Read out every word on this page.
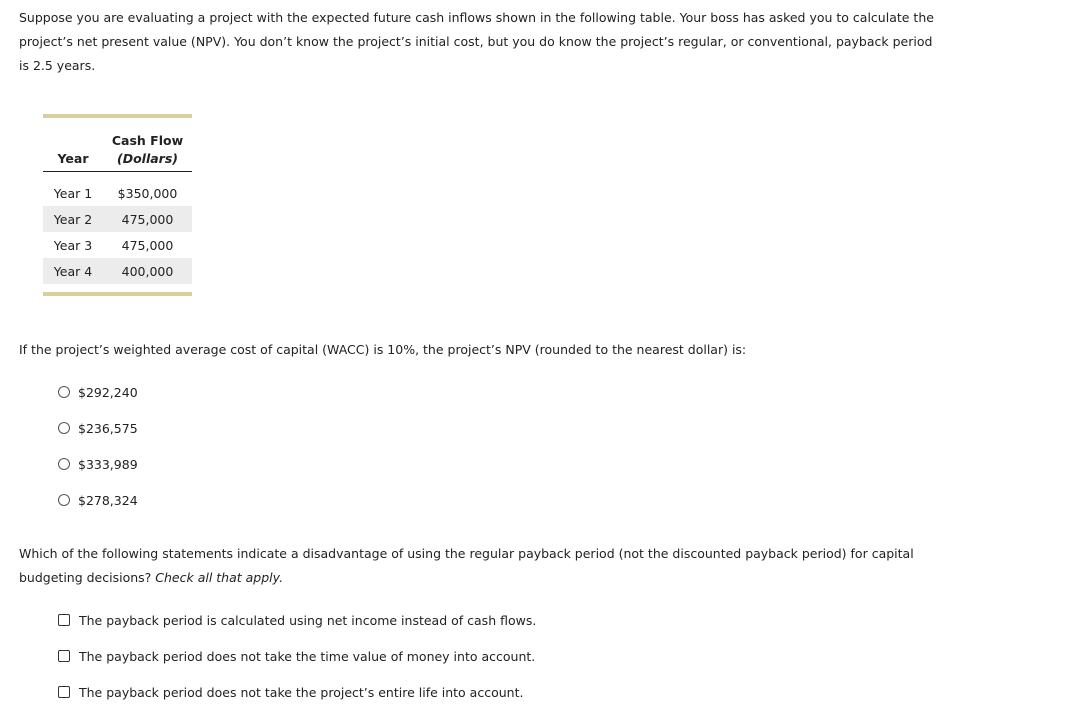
Suppose you are evaluating a project with the expected future cash inflows shown in the following table. Your boss has asked you to calculate the project’s net present value (NPV). You don’t know the project’s initial cost, but you do know the project’s regular, or conventional, payback period is 2.5 years.

	Cash Flow
Year	(Dollars)

Year 1	$350,000
Year 2	475,000
Year 3	475,000
Year 4	400,000

If the project’s weighted average cost of capital (WACC) is 10%, the project’s NPV (rounded to the nearest dollar) is:

$292,240
$236,575
$333,989
$278,324

Which of the following statements indicate a disadvantage of using the regular payback period (not the discounted payback period) for capital budgeting decisions? Check all that apply.

The payback period is calculated using net income instead of cash flows.
The payback period does not take the time value of money into account.
The payback period does not take the project’s entire life into account.
